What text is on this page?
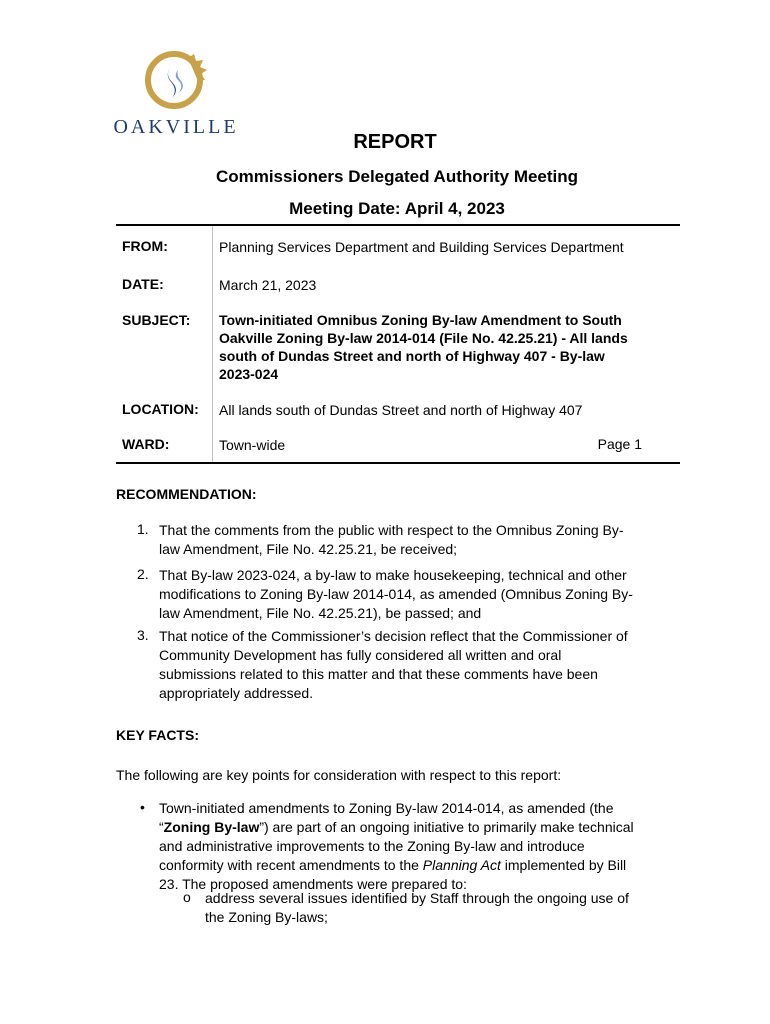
OAKVILLE
REPORT
Commissioners Delegated Authority Meeting
Meeting Date: April 4, 2023
FROM:	Planning Services Department and Building Services Department
DATE:	March 21, 2023
SUBJECT: Town-initiated Omnibus Zoning By-law Amendment to South
Oakville Zoning By-law 2014-014 (File No. 42.25.21) - All lands
south of Dundas Street and north of Highway 407 - By-law
2023-024
LOCATION: All lands south of Dundas Street and north of Highway 407
WARD:	Town-wide	Page 1
RECOMMENDATION:
1. That the comments from the public with respect to the Omnibus Zoning By-
law Amendment, File No. 42.25.21, be received;
2. That By-law 2023-024, a by-law to make housekeeping, technical and other
modifications to Zoning By-law 2014-014, as amended (Omnibus Zoning By-
law Amendment, File No. 42.25.21), be passed; and
3. That notice of the Commissioner’s decision reflect that the Commissioner of
Community Development has fully considered all written and oral
submissions related to this matter and that these comments have been
appropriately addressed.
KEY FACTS:
The following are key points for consideration with respect to this report:
• Town-initiated amendments to Zoning By-law 2014-014, as amended (the
“Zoning By-law”) are part of an ongoing initiative to primarily make technical
and administrative improvements to the Zoning By-law and introduce
conformity with recent amendments to the Planning Act implemented by Bill
23. The proposed amendments were prepared to:
o address several issues identified by Staff through the ongoing use of
the Zoning By-laws;
